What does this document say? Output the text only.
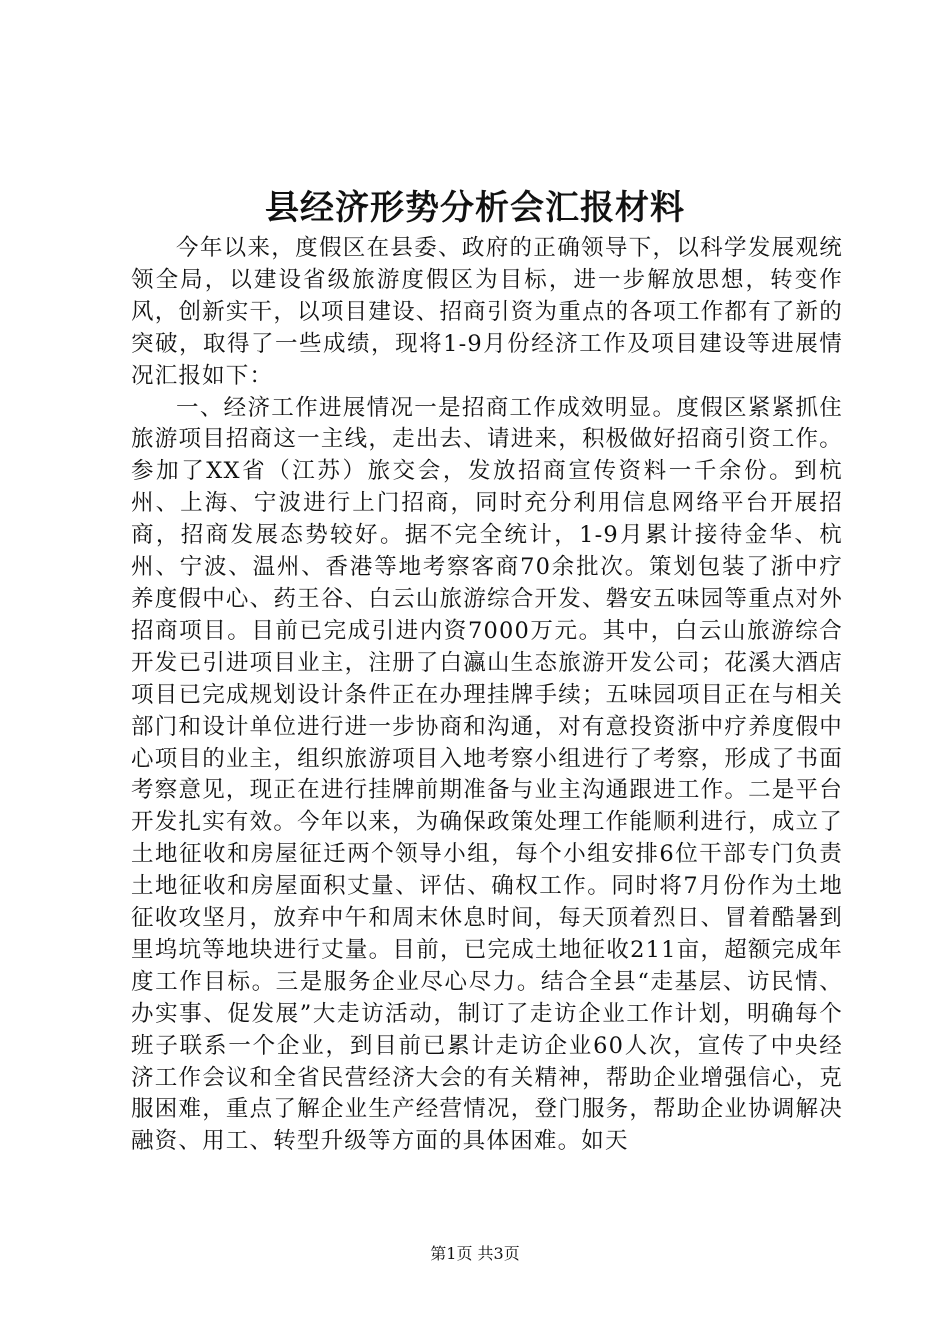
县经济形势分析会汇报材料

今年以来，度假区在县委、政府的正确领导下，以科学发展观统领全局，以建设省级旅游度假区为目标，进一步解放思想，转变作风，创新实干，以项目建设、招商引资为重点的各项工作都有了新的突破，取得了一些成绩，现将1-9月份经济工作及项目建设等进展情况汇报如下：

一、经济工作进展情况一是招商工作成效明显。度假区紧紧抓住旅游项目招商这一主线，走出去、请进来，积极做好招商引资工作。参加了XX省（江苏）旅交会，发放招商宣传资料一千余份。到杭州、上海、宁波进行上门招商，同时充分利用信息网络平台开展招商，招商发展态势较好。据不完全统计，1-9月累计接待金华、杭州、宁波、温州、香港等地考察客商70余批次。策划包装了浙中疗养度假中心、药王谷、白云山旅游综合开发、磐安五味园等重点对外招商项目。目前已完成引进内资7000万元。其中，白云山旅游综合开发已引进项目业主，注册了白瀛山生态旅游开发公司；花溪大酒店项目已完成规划设计条件正在办理挂牌手续；五味园项目正在与相关部门和设计单位进行进一步协商和沟通，对有意投资浙中疗养度假中心项目的业主，组织旅游项目入地考察小组进行了考察，形成了书面考察意见，现正在进行挂牌前期准备与业主沟通跟进工作。二是平台开发扎实有效。今年以来，为确保政策处理工作能顺利进行，成立了土地征收和房屋征迁两个领导小组，每个小组安排6位干部专门负责土地征收和房屋面积丈量、评估、确权工作。同时将7月份作为土地征收攻坚月，放弃中午和周末休息时间，每天顶着烈日、冒着酷暑到里坞坑等地块进行丈量。目前，已完成土地征收211亩，超额完成年度工作目标。三是服务企业尽心尽力。结合全县“走基层、访民情、办实事、促发展”大走访活动，制订了走访企业工作计划，明确每个班子联系一个企业，到目前已累计走访企业60人次，宣传了中央经济工作会议和全省民营经济大会的有关精神，帮助企业增强信心，克服困难，重点了解企业生产经营情况，登门服务，帮助企业协调解决融资、用工、转型升级等方面的具体困难。如天

第1页 共3页
